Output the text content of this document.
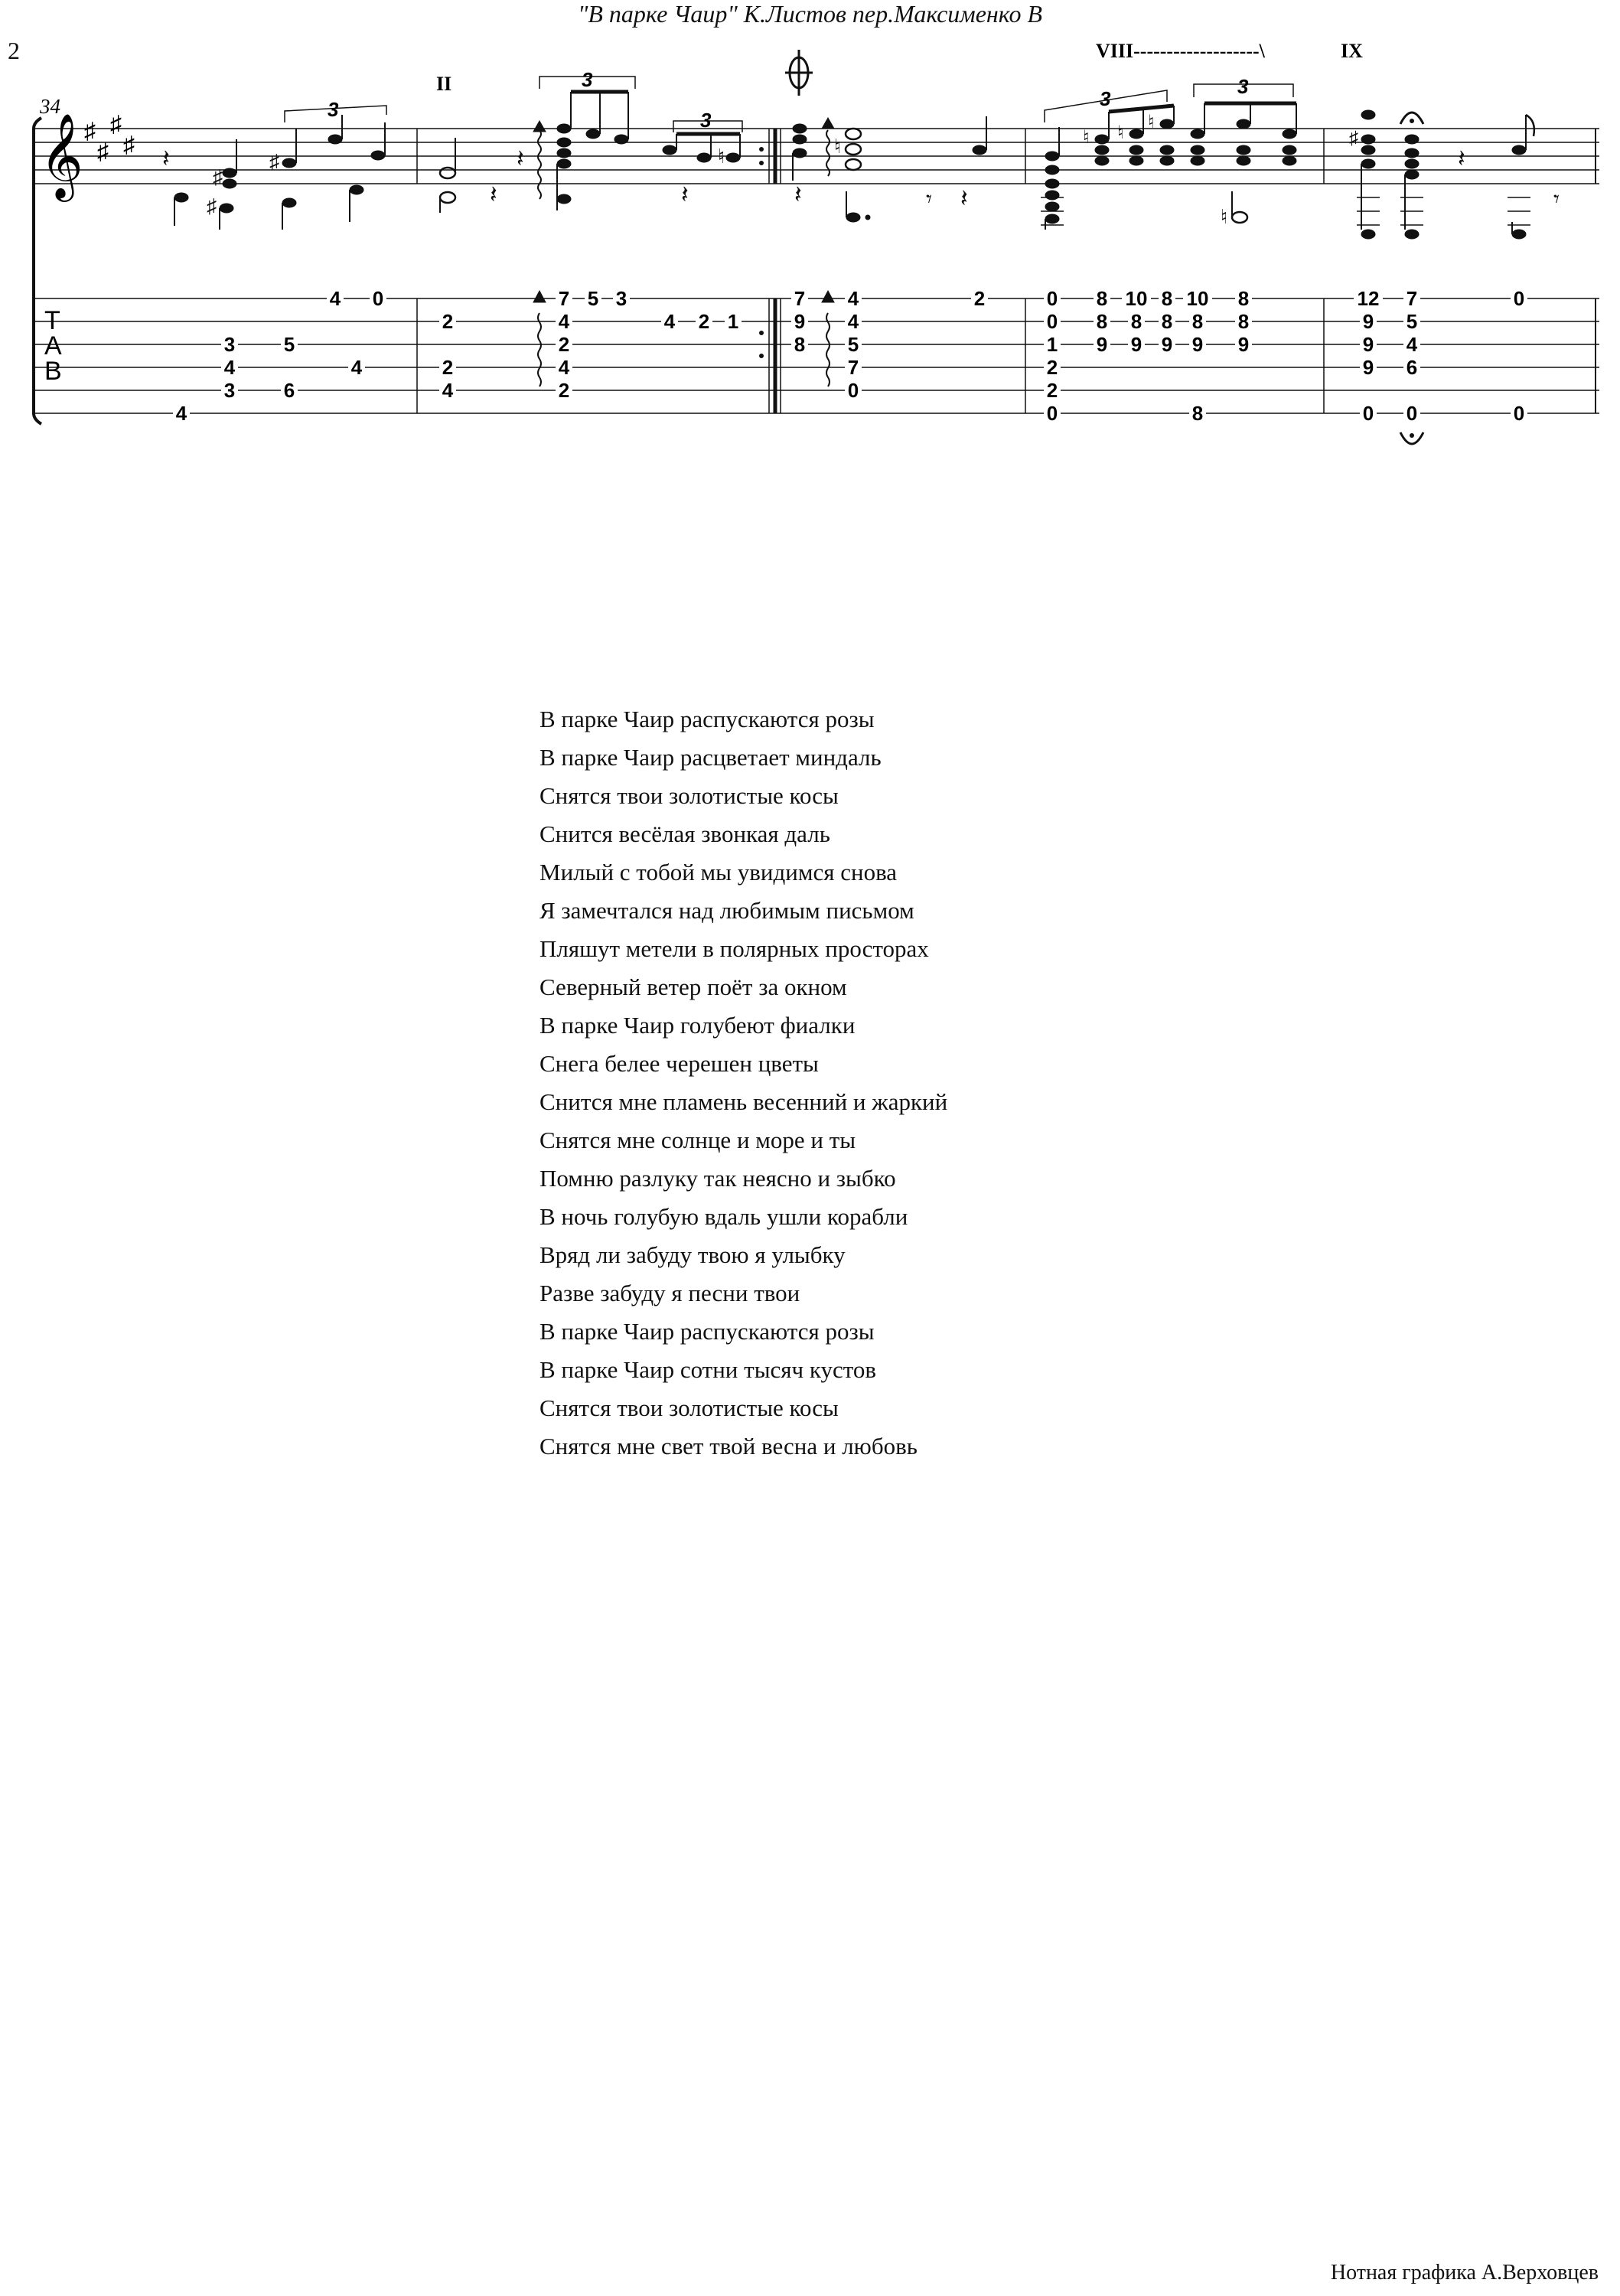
2
"В парке Чаир" К.Листов пер.Максименко В
𝄞 ♯
♯
♯
♯
34
T
A
B
II
VIII-------------------\	IX
3
3
3
3
3
𝄽
♯
♯
♯
𝄽
𝄽	♮
𝄽	𝄽
♮
𝄾 𝄽
♮ ♮
♮
♮
♯
𝄽
𝄾
4
3
4
3
5
6
4
4 0
2
2
4
7
4
2
4
2
5 3
4 2 1
7
9
8
4
4
5
7
0
2	0
0
1
2
2
0
8
8
9
10
8
9
8
8
9
8
10
8
9
8
8
9
12
9
9
9
0
7
5
4
6
0
0
0
В парке Чаир распускаются розы
В парке Чаир расцветает миндаль
Снятся твои золотистые косы
Снится весёлая звонкая даль
Милый с тобой мы увидимся снова
Я замечтался над любимым письмом
Пляшут метели в полярных просторах
Северный ветер поёт за окном
В парке Чаир голубеют фиалки
Снега белее черешен цветы
Снится мне пламень весенний и жаркий
Снятся мне солнце и море и ты
Помню разлуку так неясно и зыбко
В ночь голубую вдаль ушли корабли
Вряд ли забуду твою я улыбку
Разве забуду я песни твои
В парке Чаир распускаются розы
В парке Чаир сотни тысяч кустов
Снятся твои золотистые косы
Снятся мне свет твой весна и любовь
Нотная графика А.Верховцев
